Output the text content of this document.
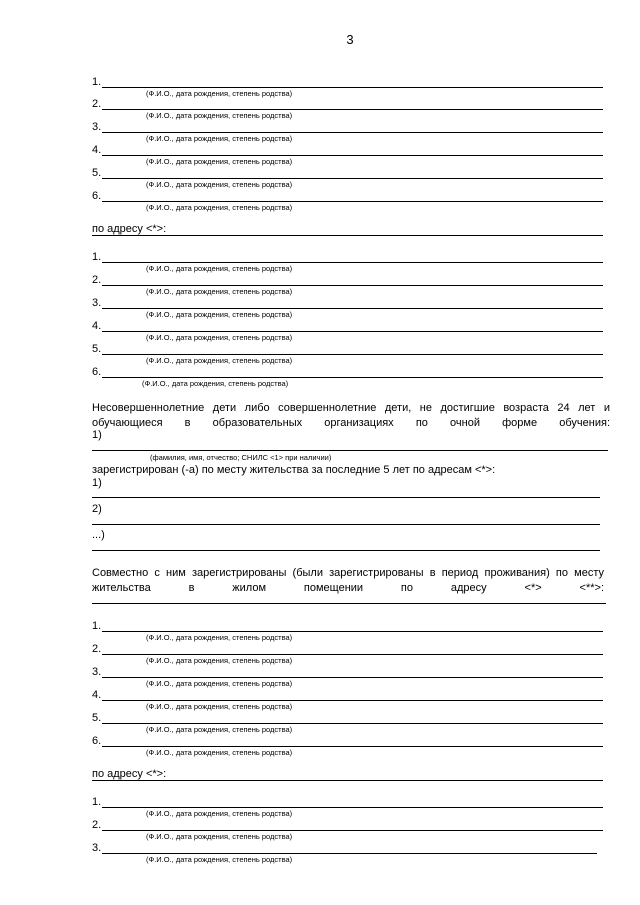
3
1.
(Ф.И.О., дата рождения, степень родства)
2.
(Ф.И.О., дата рождения, степень родства)
3.
(Ф.И.О., дата рождения, степень родства)
4.
(Ф.И.О., дата рождения, степень родства)
5.
(Ф.И.О., дата рождения, степень родства)
6.
(Ф.И.О., дата рождения, степень родства)
по адресу <*>:
1.
(Ф.И.О., дата рождения, степень родства)
2.
(Ф.И.О., дата рождения, степень родства)
3.
(Ф.И.О., дата рождения, степень родства)
4.
(Ф.И.О., дата рождения, степень родства)
5.
(Ф.И.О., дата рождения, степень родства)
6.
(Ф.И.О., дата рождения, степень родства)
Несовершеннолетние дети либо совершеннолетние дети, не достигшие возраста 24 лет и обучающиеся в образовательных организациях по очной форме обучения:
1)
(фамилия, имя, отчество; СНИЛС <1> при наличии)
зарегистрирован (-а) по месту жительства за последние 5 лет по адресам <*>:
1)
2)
...)
Совместно с ним зарегистрированы (были зарегистрированы в период проживания) по месту жительства в жилом помещении по адресу <*> <**>:
1.
(Ф.И.О., дата рождения, степень родства)
2.
(Ф.И.О., дата рождения, степень родства)
3.
(Ф.И.О., дата рождения, степень родства)
4.
(Ф.И.О., дата рождения, степень родства)
5.
(Ф.И.О., дата рождения, степень родства)
6.
(Ф.И.О., дата рождения, степень родства)
по адресу <*>:
1.
(Ф.И.О., дата рождения, степень родства)
2.
(Ф.И.О., дата рождения, степень родства)
3.
(Ф.И.О., дата рождения, степень родства)
